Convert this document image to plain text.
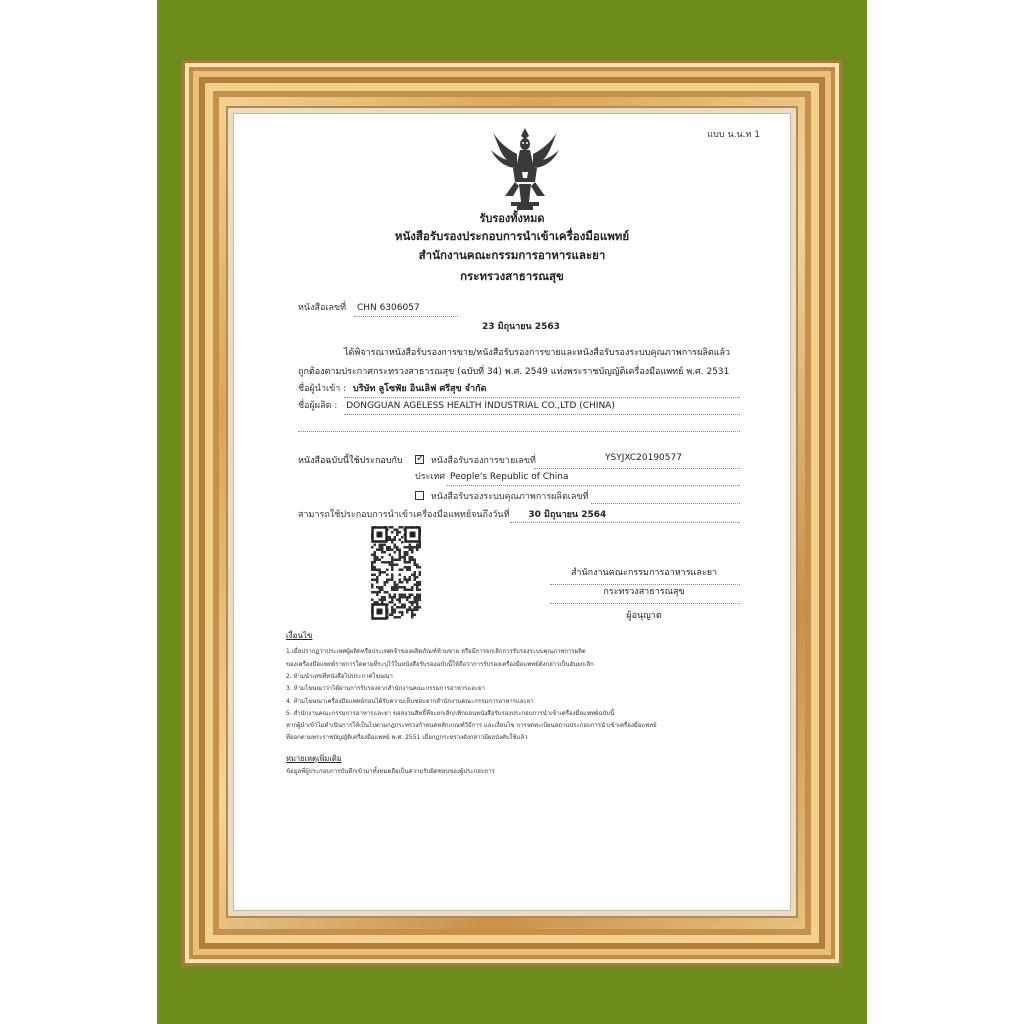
แบบ น.น.ท 1
รับรองทั้งหมด
หนังสือรับรองประกอบการนำเข้าเครื่องมือแพทย์
สำนักงานคณะกรรมการอาหารและยา
กระทรวงสาธารณสุข
หนังสือเลขที่ CHN 6306057
23 มิถุนายน 2563
ได้พิจารณาหนังสือรับรองการขาย/หนังสือรับรองการขายและหนังสือรับรองระบบคุณภาพการผลิตแล้ว
ถูกต้องตามประกาศกระทรวงสาธารณสุข (ฉบับที่ 34) พ.ศ. 2549 แห่งพระราชบัญญัติเครื่องมือแพทย์ พ.ศ. 2531
ชื่อผู้นำเข้า : บริษัท ลูโซฟัย อินเลิฟ ศรีสุข จำกัด
ชื่อผู้ผลิต : DONGGUAN AGELESS HEALTH INDUSTRIAL CO.,LTD (CHINA)
หนังสือฉบับนี้ใช้ประกอบกับ
✓	หนังสือรับรองการขายเลขที่	YSYJXC20190577
ประเทศ People's Republic of China
หนังสือรับรองระบบคุณภาพการผลิตเลขที่
สามารถใช้ประกอบการนำเข้าเครื่องมือแพทย์จนถึงวันที่ 30 มิถุนายน 2564
สำนักงานคณะกรรมการอาหารและยา
กระทรวงสาธารณสุข
ผู้อนุญาต
เงื่อนไข

1.เมื่อปรากฏว่าประเทศผู้ผลิตหรือประเทศเจ้าของผลิตภัณฑ์ห้ามขาย หรือมีการยกเลิกการรับรองระบบคุณภาพการผลิต

ของเครื่องมือแพทย์รายการใดตามที่ระบุไว้ในหนังสือรับรองฉบับนี้ให้ถือว่าการรับรองเครื่องมือแพทย์ดังกล่าวเป็นอันยกเลิก

2. ห้ามนำเลขที่หนังสือไปประกาศโฆษณา

3. ห้ามโฆษณาว่าได้ผ่านการรับรองจากสำนักงานคณะกรรมการอาหารและยา

4. ห้ามโฆษณาเครื่องมือแพทย์ก่อนได้รับความเห็นชอบจากสำนักงานคณะกรรมการอาหารและยา

5. สำนักงานคณะกรรมการอาหารและยา ขอสงวนสิทธิ์ที่จะยกเลิก/เพิกถอนหนังสือรับรองประกอบการนำเข้าเครื่องมือแพทย์ฉบับนี้

หากผู้นำเข้าไม่ดำเนินการให้เป็นไปตามกฎกระทรวงกำหนดหลักเกณฑ์วิธีการ และเงื่อนไข การจดทะเบียนสถานประกอบการนำเข้าเครื่องมือแพทย์

ที่ออกตามพระราชบัญญัติเครื่องมือแพทย์ พ.ศ. 2551 เมื่อกฎกระทรวงดังกล่าวมีผลบังคับใช้แล้ว

หมายเหตุเพิ่มเติม

ข้อมูลที่ผู้ประกอบการบันทึกเข้ามาทั้งหมดถือเป็นความรับผิดชอบของผู้ประกอบการ
